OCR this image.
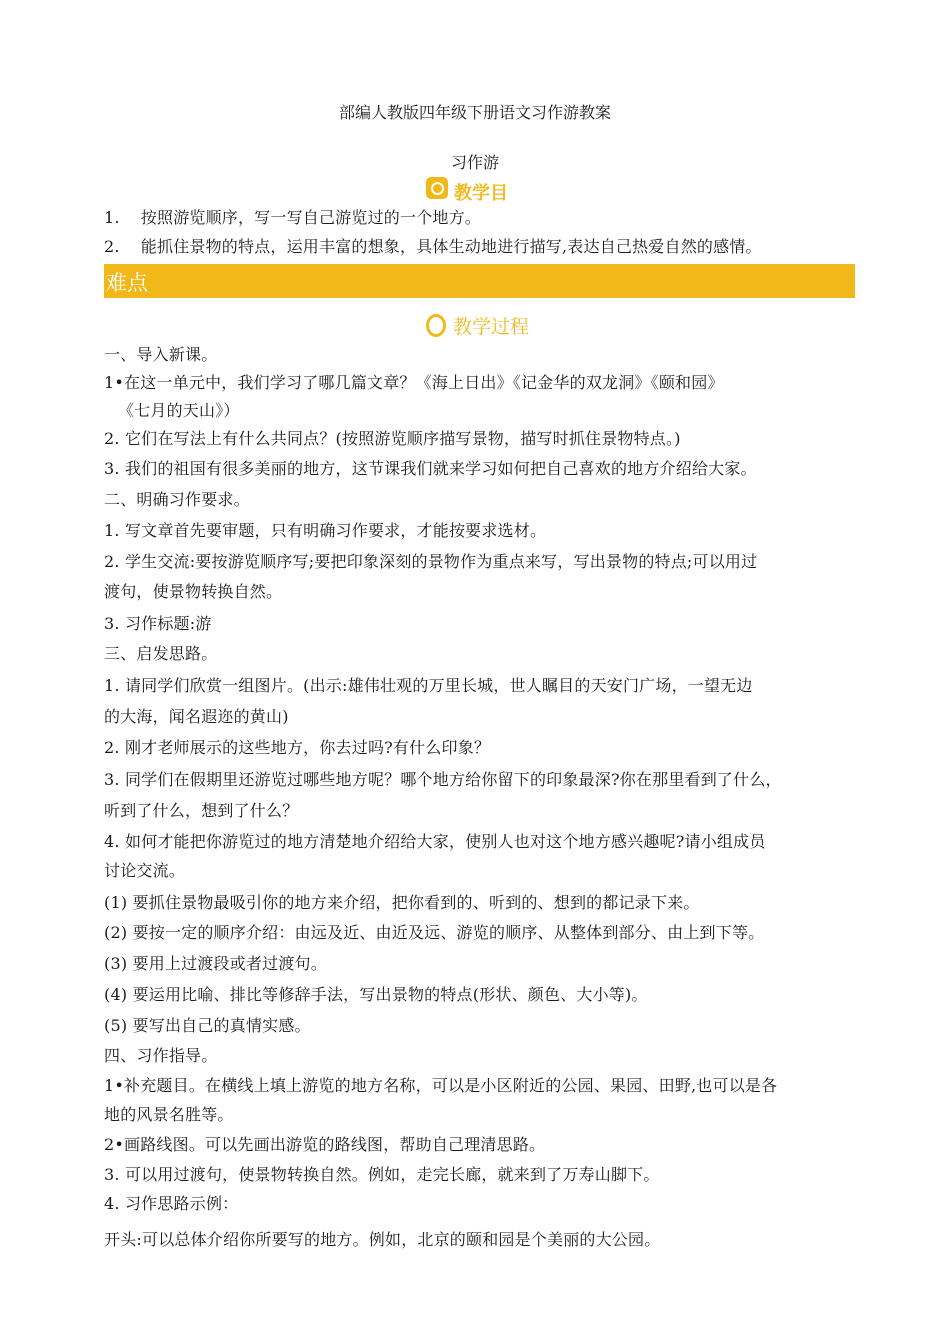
部编人教版四年级下册语文习作游教案
习作游
教学目
1.    按照游览顺序，写一写自己游览过的一个地方。
2.    能抓住景物的特点，运用丰富的想象，具体生动地进行描写,表达自己热爱自然的感情。
难点
教学过程
一、导入新课。
1•在这一单元中，我们学习了哪几篇文章？《海上日出》《记金华的双龙洞》《颐和园》
《七月的天山》）
2. 它们在写法上有什么共同点？(按照游览顺序描写景物，描写时抓住景物特点。)
3. 我们的祖国有很多美丽的地方，这节课我们就来学习如何把自己喜欢的地方介绍给大家。
二、明确习作要求。
1. 写文章首先要审题，只有明确习作要求，才能按要求选材。
2. 学生交流:要按游览顺序写;要把印象深刻的景物作为重点来写，写出景物的特点;可以用过
渡句，使景物转换自然。
3. 习作标题:游
三、启发思路。
1. 请同学们欣赏一组图片。(出示:雄伟壮观的万里长城，世人瞩目的天安门广场，一望无边
的大海，闻名遐迩的黄山)
2. 刚才老师展示的这些地方，你去过吗?有什么印象？
3. 同学们在假期里还游览过哪些地方呢？哪个地方给你留下的印象最深?你在那里看到了什么，
听到了什么，想到了什么？
4. 如何才能把你游览过的地方清楚地介绍给大家，使别人也对这个地方感兴趣呢?请小组成员
讨论交流。
(1) 要抓住景物最吸引你的地方来介绍，把你看到的、听到的、想到的都记录下来。
(2) 要按一定的顺序介绍：由远及近、由近及远、游览的顺序、从整体到部分、由上到下等。
(3) 要用上过渡段或者过渡句。
(4) 要运用比喻、排比等修辞手法，写出景物的特点(形状、颜色、大小等)。
(5) 要写出自己的真情实感。
四、习作指导。
1•补充题目。在横线上填上游览的地方名称，可以是小区附近的公园、果园、田野,也可以是各
地的风景名胜等。
2•画路线图。可以先画出游览的路线图，帮助自己理清思路。
3. 可以用过渡句，使景物转换自然。例如，走完长廊，就来到了万寿山脚下。
4. 习作思路示例：
开头:可以总体介绍你所要写的地方。例如，北京的颐和园是个美丽的大公园。
